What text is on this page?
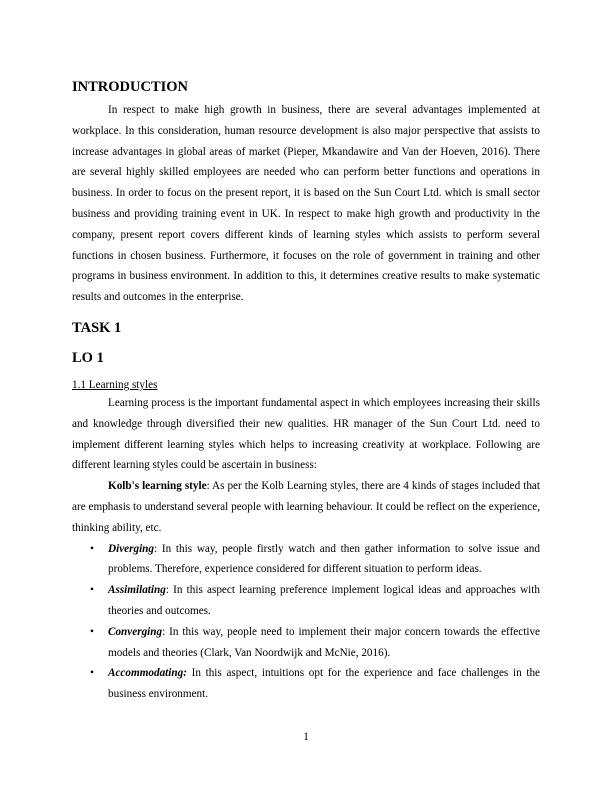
INTRODUCTION

In respect to make high growth in business, there are several advantages implemented at workplace. In this consideration, human resource development is also major perspective that assists to increase advantages in global areas of market (Pieper, Mkandawire and Van der Hoeven, 2016). There are several highly skilled employees are needed who can perform better functions and operations in business. In order to focus on the present report, it is based on the Sun Court Ltd. which is small sector business and providing training event in UK. In respect to make high growth and productivity in the company, present report covers different kinds of learning styles which assists to perform several functions in chosen business. Furthermore, it focuses on the role of government in training and other programs in business environment. In addition to this, it determines creative results to make systematic results and outcomes in the enterprise.

TASK 1
LO 1
1.1 Learning styles

Learning process is the important fundamental aspect in which employees increasing their skills and knowledge through diversified their new qualities. HR manager of the Sun Court Ltd. need to implement different learning styles which helps to increasing creativity at workplace. Following are different learning styles could be ascertain in business:

Kolb's learning style: As per the Kolb Learning styles, there are 4 kinds of stages included that are emphasis to understand several people with learning behaviour. It could be reflect on the experience, thinking ability, etc.

• Diverging: In this way, people firstly watch and then gather information to solve issue and problems. Therefore, experience considered for different situation to perform ideas.
• Assimilating: In this aspect learning preference implement logical ideas and approaches with theories and outcomes.
• Converging: In this way, people need to implement their major concern towards the effective models and theories (Clark, Van Noordwijk and McNie, 2016).
• Accommodating: In this aspect, intuitions opt for the experience and face challenges in the business environment.
1
